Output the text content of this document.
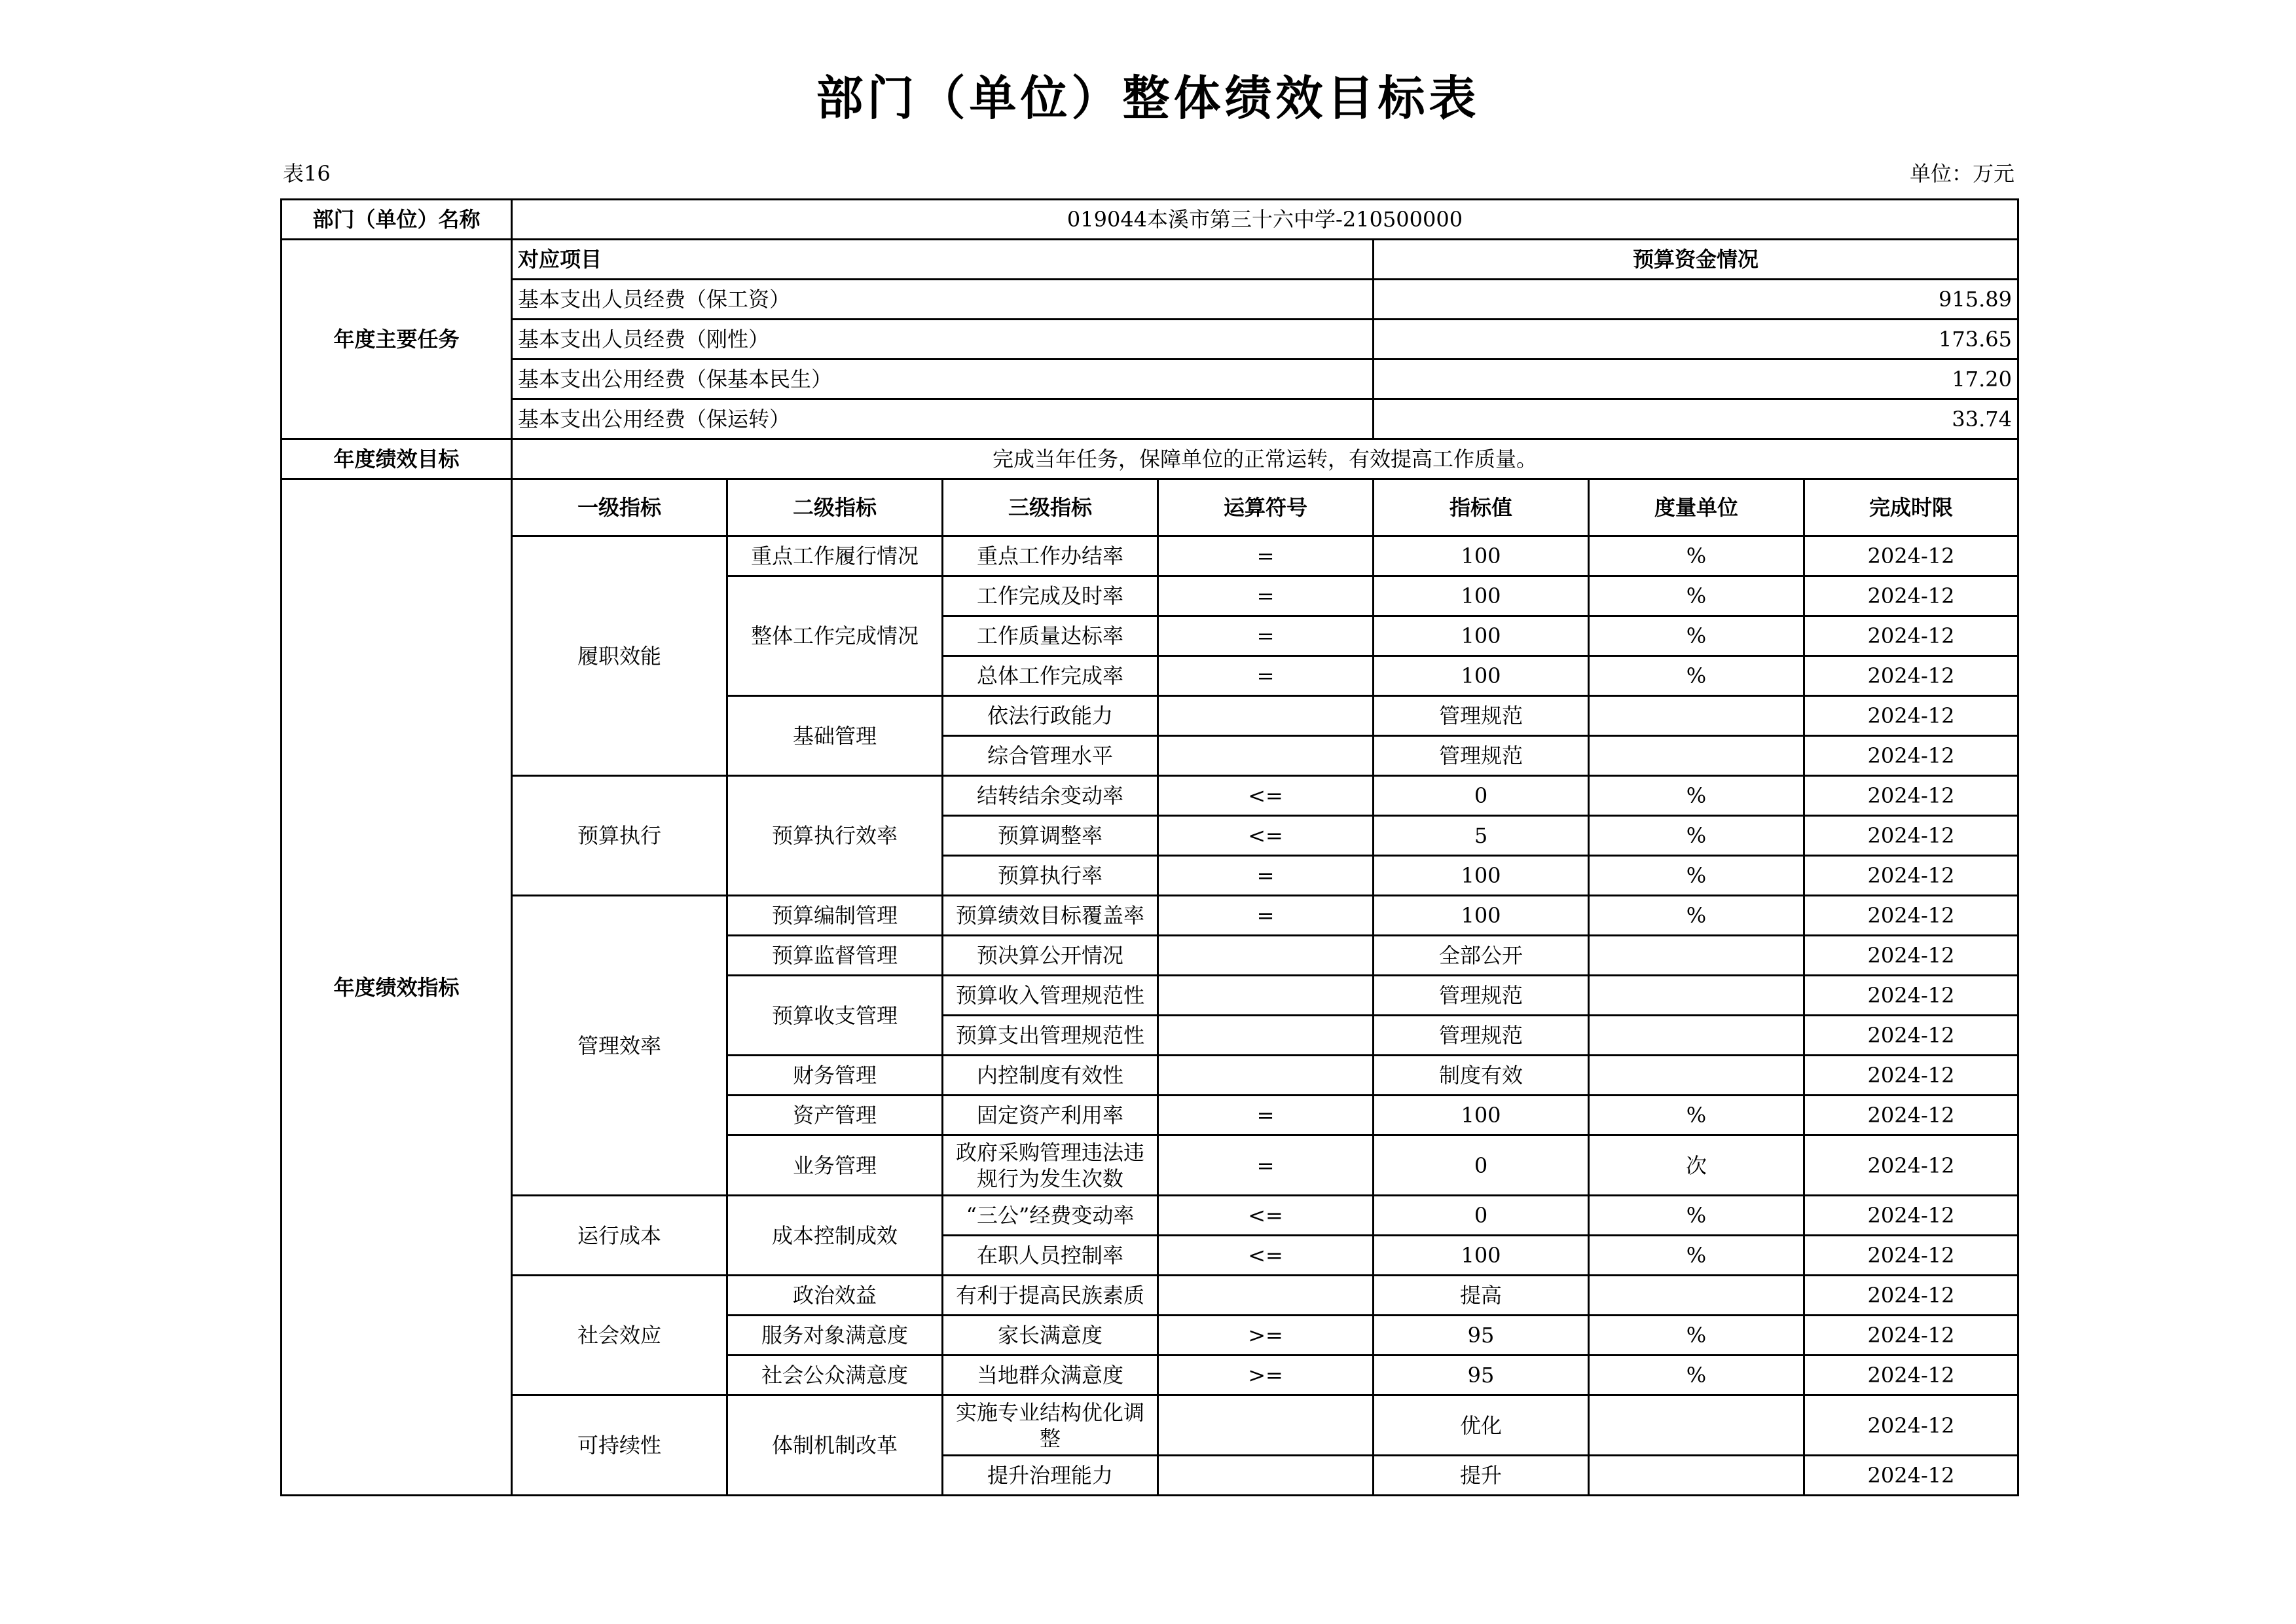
部门（单位）整体绩效目标表
表16	单位：万元
部门（单位）名称	019044本溪市第三十六中学-210500000						
年度主要任务	对应项目				预算资金情况		
	基本支出人员经费（保工资）				915.89		
	基本支出人员经费（刚性）				173.65		
	基本支出公用经费（保基本民生）				17.20		
	基本支出公用经费（保运转）				33.74		
年度绩效目标	完成当年任务，保障单位的正常运转，有效提高工作质量。						
年度绩效指标	一级指标	二级指标	三级指标	运算符号	指标值	度量单位	完成时限
	履职效能	重点工作履行情况	重点工作办结率	=	100	%	2024-12
		整体工作完成情况	工作完成及时率	=	100	%	2024-12
			工作质量达标率	=	100	%	2024-12
			总体工作完成率	=	100	%	2024-12
		基础管理	依法行政能力		管理规范		2024-12
			综合管理水平		管理规范		2024-12
	预算执行	预算执行效率	结转结余变动率	<=	0	%	2024-12
			预算调整率	<=	5	%	2024-12
			预算执行率	=	100	%	2024-12
	管理效率	预算编制管理	预算绩效目标覆盖率	=	100	%	2024-12
		预算监督管理	预决算公开情况		全部公开		2024-12
		预算收支管理	预算收入管理规范性		管理规范		2024-12
			预算支出管理规范性		管理规范		2024-12
		财务管理	内控制度有效性		制度有效		2024-12
		资产管理	固定资产利用率	=	100	%	2024-12
		业务管理	政府采购管理违法违规行为发生次数	=	0	次	2024-12
	运行成本	成本控制成效	“三公”经费变动率	<=	0	%	2024-12
			在职人员控制率	<=	100	%	2024-12
	社会效应	政治效益	有利于提高民族素质		提高		2024-12
		服务对象满意度	家长满意度	>=	95	%	2024-12
		社会公众满意度	当地群众满意度	>=	95	%	2024-12
	可持续性	体制机制改革	实施专业结构优化调整		优化		2024-12
			提升治理能力		提升		2024-12
